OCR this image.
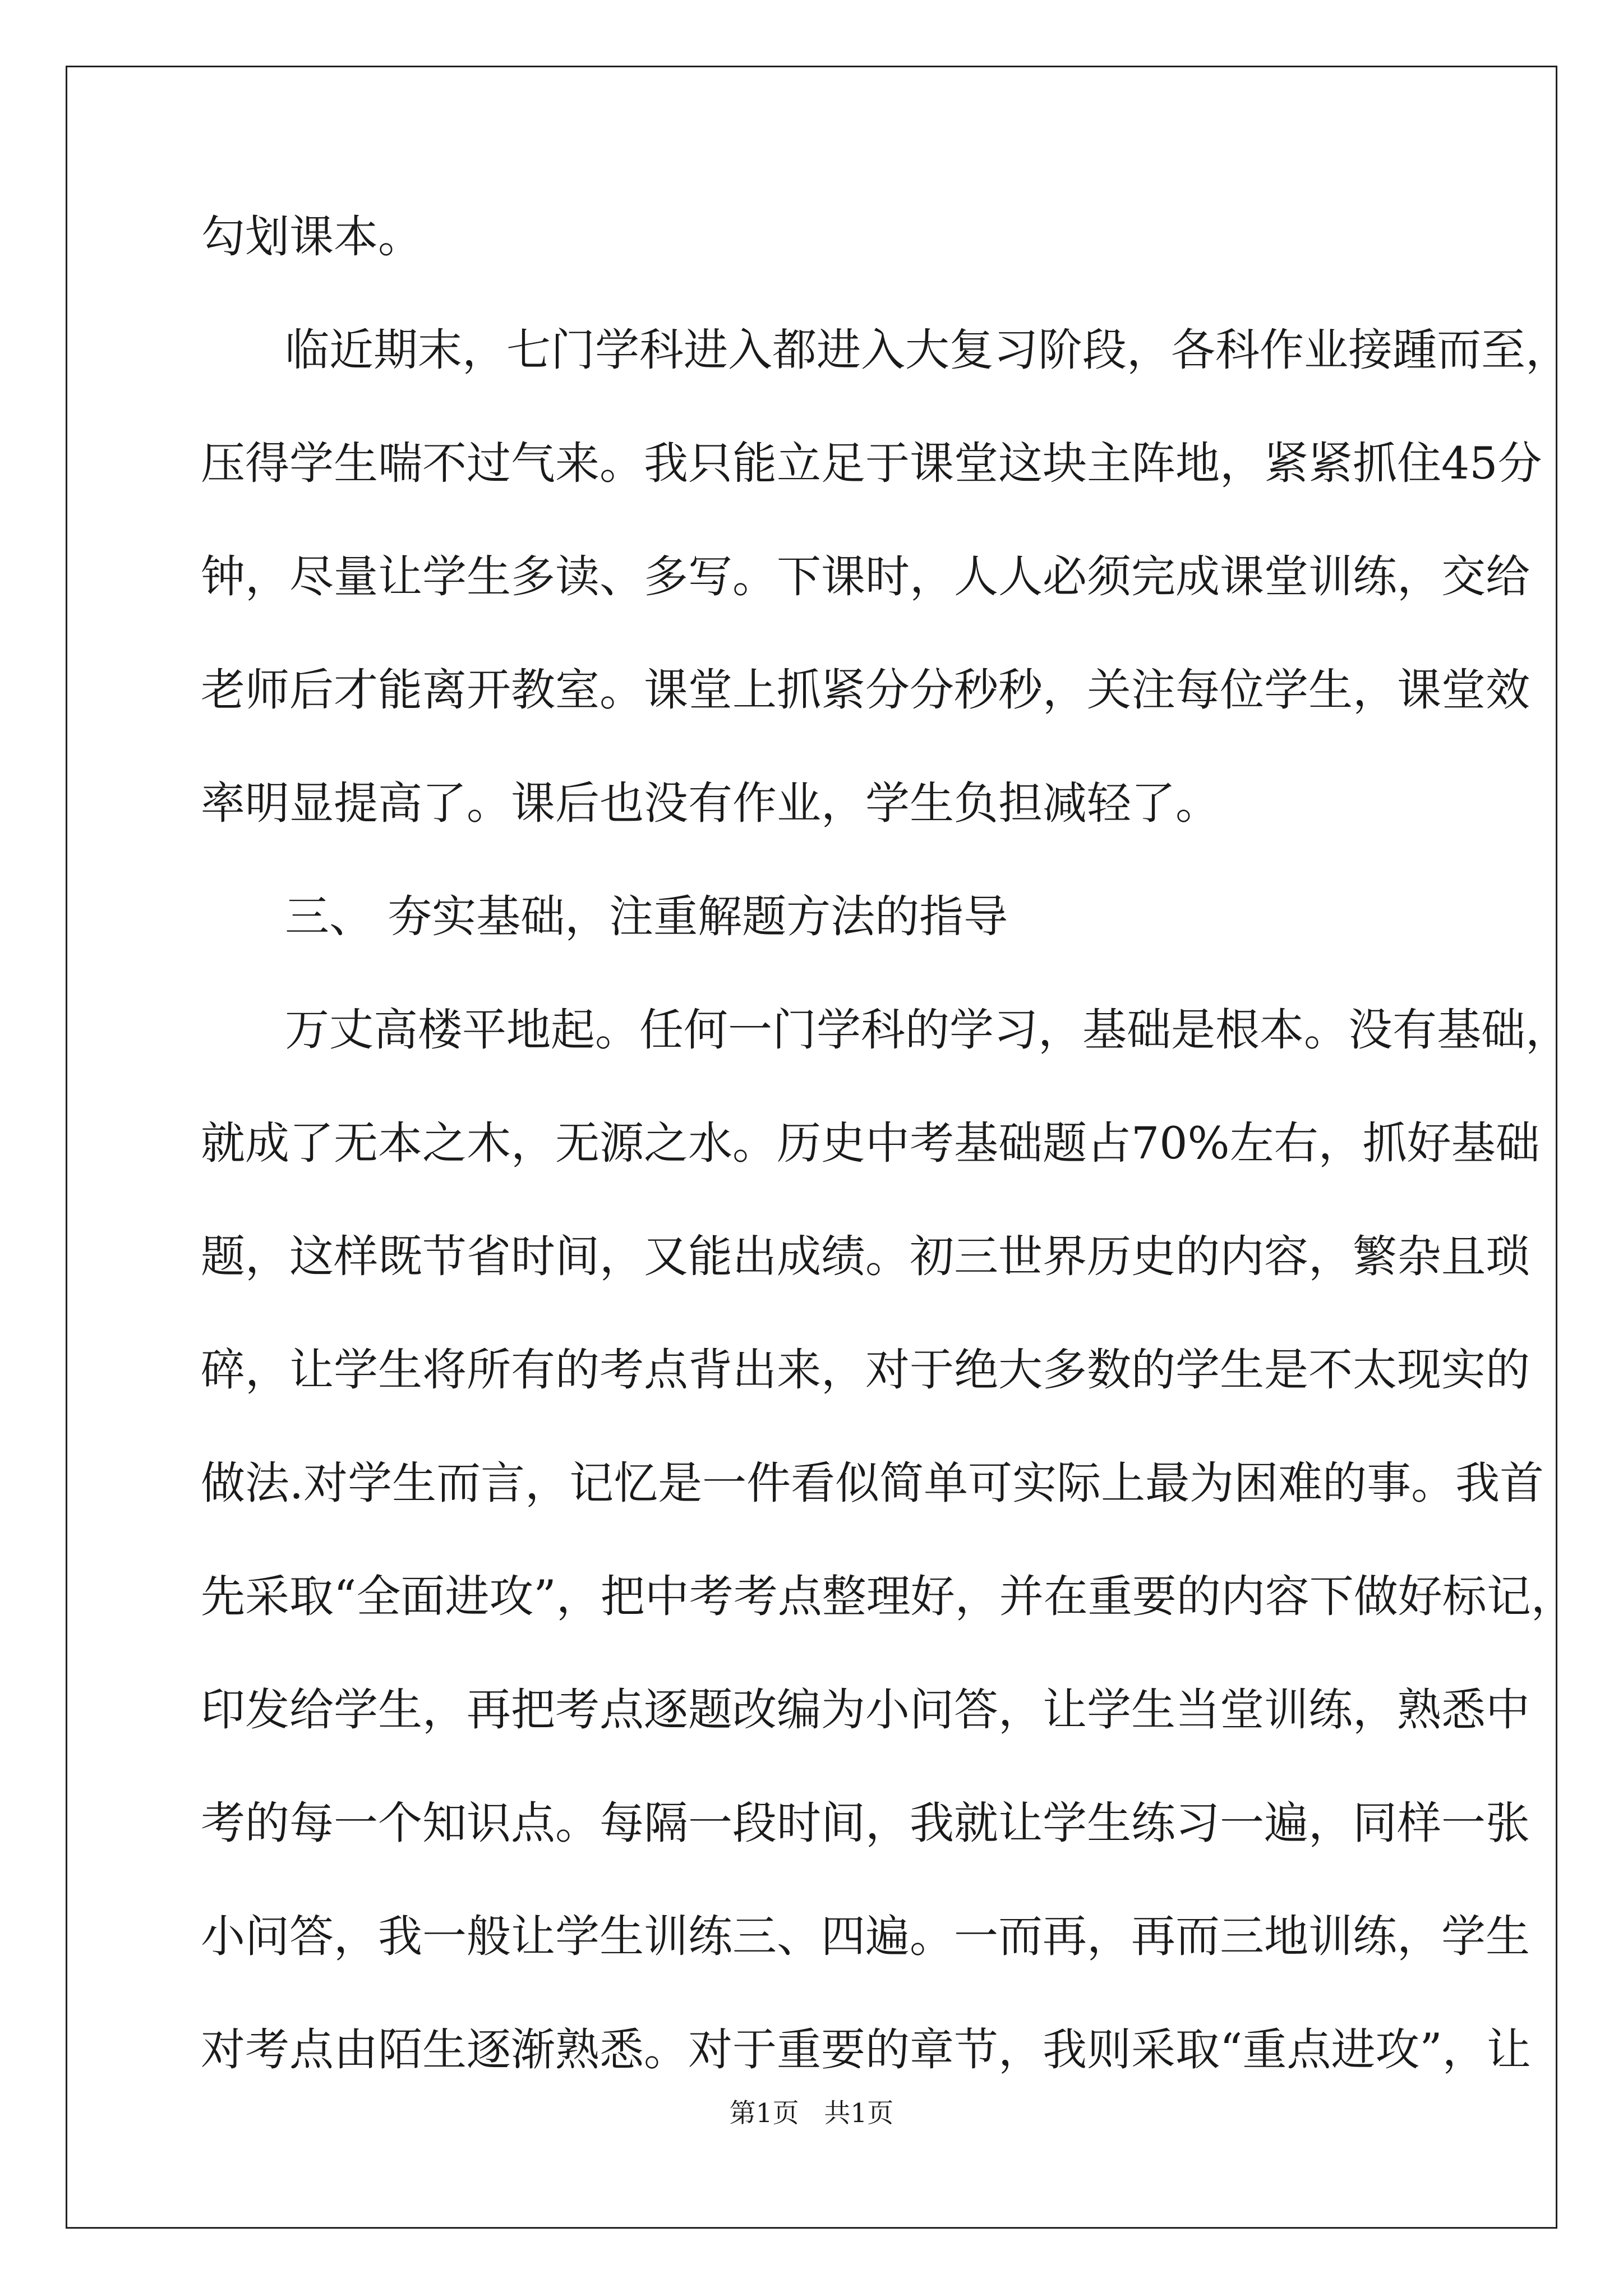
勾划课本。
临近期末，七门学科进入都进入大复习阶段，各科作业接踵而至，
压得学生喘不过气来。我只能立足于课堂这块主阵地，紧紧抓住45分
钟，尽量让学生多读、多写。下课时，人人必须完成课堂训练，交给
老师后才能离开教室。课堂上抓紧分分秒秒，关注每位学生，课堂效
率明显提高了。课后也没有作业，学生负担减轻了。
三、 夯实基础，注重解题方法的指导
万丈高楼平地起。任何一门学科的学习，基础是根本。没有基础，
就成了无本之木，无源之水。历史中考基础题占70%左右，抓好基础
题，这样既节省时间，又能出成绩。初三世界历史的内容，繁杂且琐
碎，让学生将所有的考点背出来，对于绝大多数的学生是不太现实的
做法.对学生而言，记忆是一件看似简单可实际上最为困难的事。我首
先采取“全面进攻”，把中考考点整理好，并在重要的内容下做好标记，
印发给学生，再把考点逐题改编为小问答，让学生当堂训练，熟悉中
考的每一个知识点。每隔一段时间，我就让学生练习一遍，同样一张
小问答，我一般让学生训练三、四遍。一而再，再而三地训练，学生
对考点由陌生逐渐熟悉。对于重要的章节，我则采取“重点进攻”，让
第1页   共1页
